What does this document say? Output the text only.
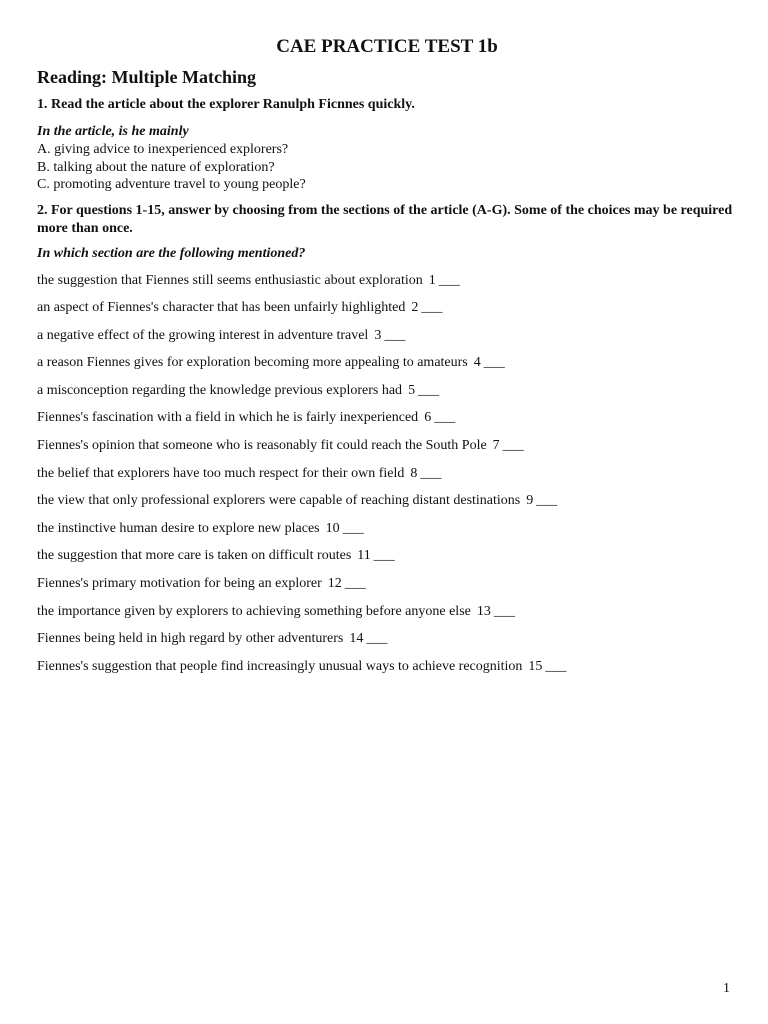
CAE PRACTICE TEST 1b
Reading: Multiple Matching

1. Read the article about the explorer Ranulph Ficnnes quickly.

In the article, is he mainly

A. giving advice to inexperienced explorers?
B. talking about the nature of exploration?
C. promoting adventure travel to young people?

2. For questions 1-15, answer by choosing from the sections of the article (A-G). Some of the choices may be required more than once.

In which section are the following mentioned?

the suggestion that Fiennes still seems enthusiastic about exploration 1 ___
an aspect of Fiennes's character that has been unfairly highlighted 2 ___
a negative effect of the growing interest in adventure travel 3 ___
a reason Fiennes gives for exploration becoming more appealing to amateurs 4 ___
a misconception regarding the knowledge previous explorers had 5 ___
Fiennes's fascination with a field in which he is fairly inexperienced 6 ___
Fiennes's opinion that someone who is reasonably fit could reach the South Pole 7 ___
the belief that explorers have too much respect for their own field 8 ___
the view that only professional explorers were capable of reaching distant destinations 9 ___
the instinctive human desire to explore new places 10 ___
the suggestion that more care is taken on difficult routes 11 ___
Fiennes's primary motivation for being an explorer 12 ___
the importance given by explorers to achieving something before anyone else 13 ___
Fiennes being held in high regard by other adventurers 14 ___
Fiennes's suggestion that people find increasingly unusual ways to achieve recognition 15 ___
1
